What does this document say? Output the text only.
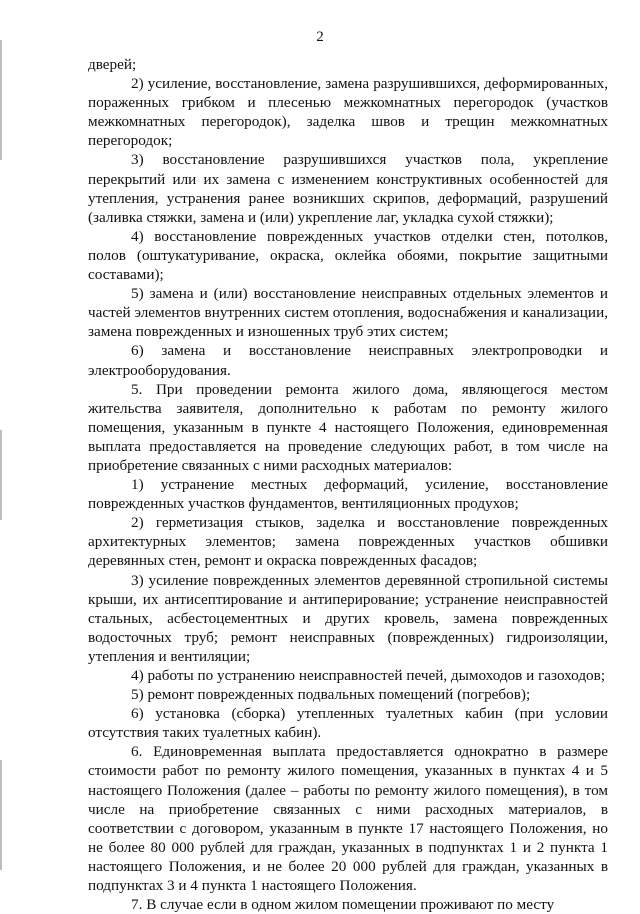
2

дверей;

2) усиление, восстановление, замена разрушившихся, деформированных, пораженных грибком и плесенью межкомнатных перегородок (участков межкомнатных перегородок), заделка швов и трещин межкомнатных перегородок;

3) восстановление разрушившихся участков пола, укрепление перекрытий или их замена с изменением конструктивных особенностей для утепления, устранения ранее возникших скрипов, деформаций, разрушений (заливка стяжки, замена и (или) укрепление лаг, укладка сухой стяжки);

4) восстановление поврежденных участков отделки стен, потолков, полов (оштукатуривание, окраска, оклейка обоями, покрытие защитными составами);

5) замена и (или) восстановление неисправных отдельных элементов и частей элементов внутренних систем отопления, водоснабжения и канализации, замена поврежденных и изношенных труб этих систем;

6) замена и восстановление неисправных электропроводки и электрооборудования.

5. При проведении ремонта жилого дома, являющегося местом жительства заявителя, дополнительно к работам по ремонту жилого помещения, указанным в пункте 4 настоящего Положения, единовременная выплата предоставляется на проведение следующих работ, в том числе на приобретение связанных с ними расходных материалов:

1) устранение местных деформаций, усиление, восстановление поврежденных участков фундаментов, вентиляционных продухов;

2) герметизация стыков, заделка и восстановление поврежденных архитектурных элементов; замена поврежденных участков обшивки деревянных стен, ремонт и окраска поврежденных фасадов;

3) усиление поврежденных элементов деревянной стропильной системы крыши, их антисептирование и антиперирование; устранение неисправностей стальных, асбестоцементных и других кровель, замена поврежденных водосточных труб; ремонт неисправных (поврежденных) гидроизоляции, утепления и вентиляции;

4) работы по устранению неисправностей печей, дымоходов и газоходов;

5) ремонт поврежденных подвальных помещений (погребов);

6) установка (сборка) утепленных туалетных кабин (при условии отсутствия таких туалетных кабин).

6. Единовременная выплата предоставляется однократно в размере стоимости работ по ремонту жилого помещения, указанных в пунктах 4 и 5 настоящего Положения (далее – работы по ремонту жилого помещения), в том числе на приобретение связанных с ними расходных материалов, в соответствии с договором, указанным в пункте 17 настоящего Положения, но не более 80 000 рублей для граждан, указанных в подпунктах 1 и 2 пункта 1 настоящего Положения, и не более 20 000 рублей для граждан, указанных в подпунктах 3 и 4 пункта 1 настоящего Положения.

7. В случае если в одном жилом помещении проживают по месту
